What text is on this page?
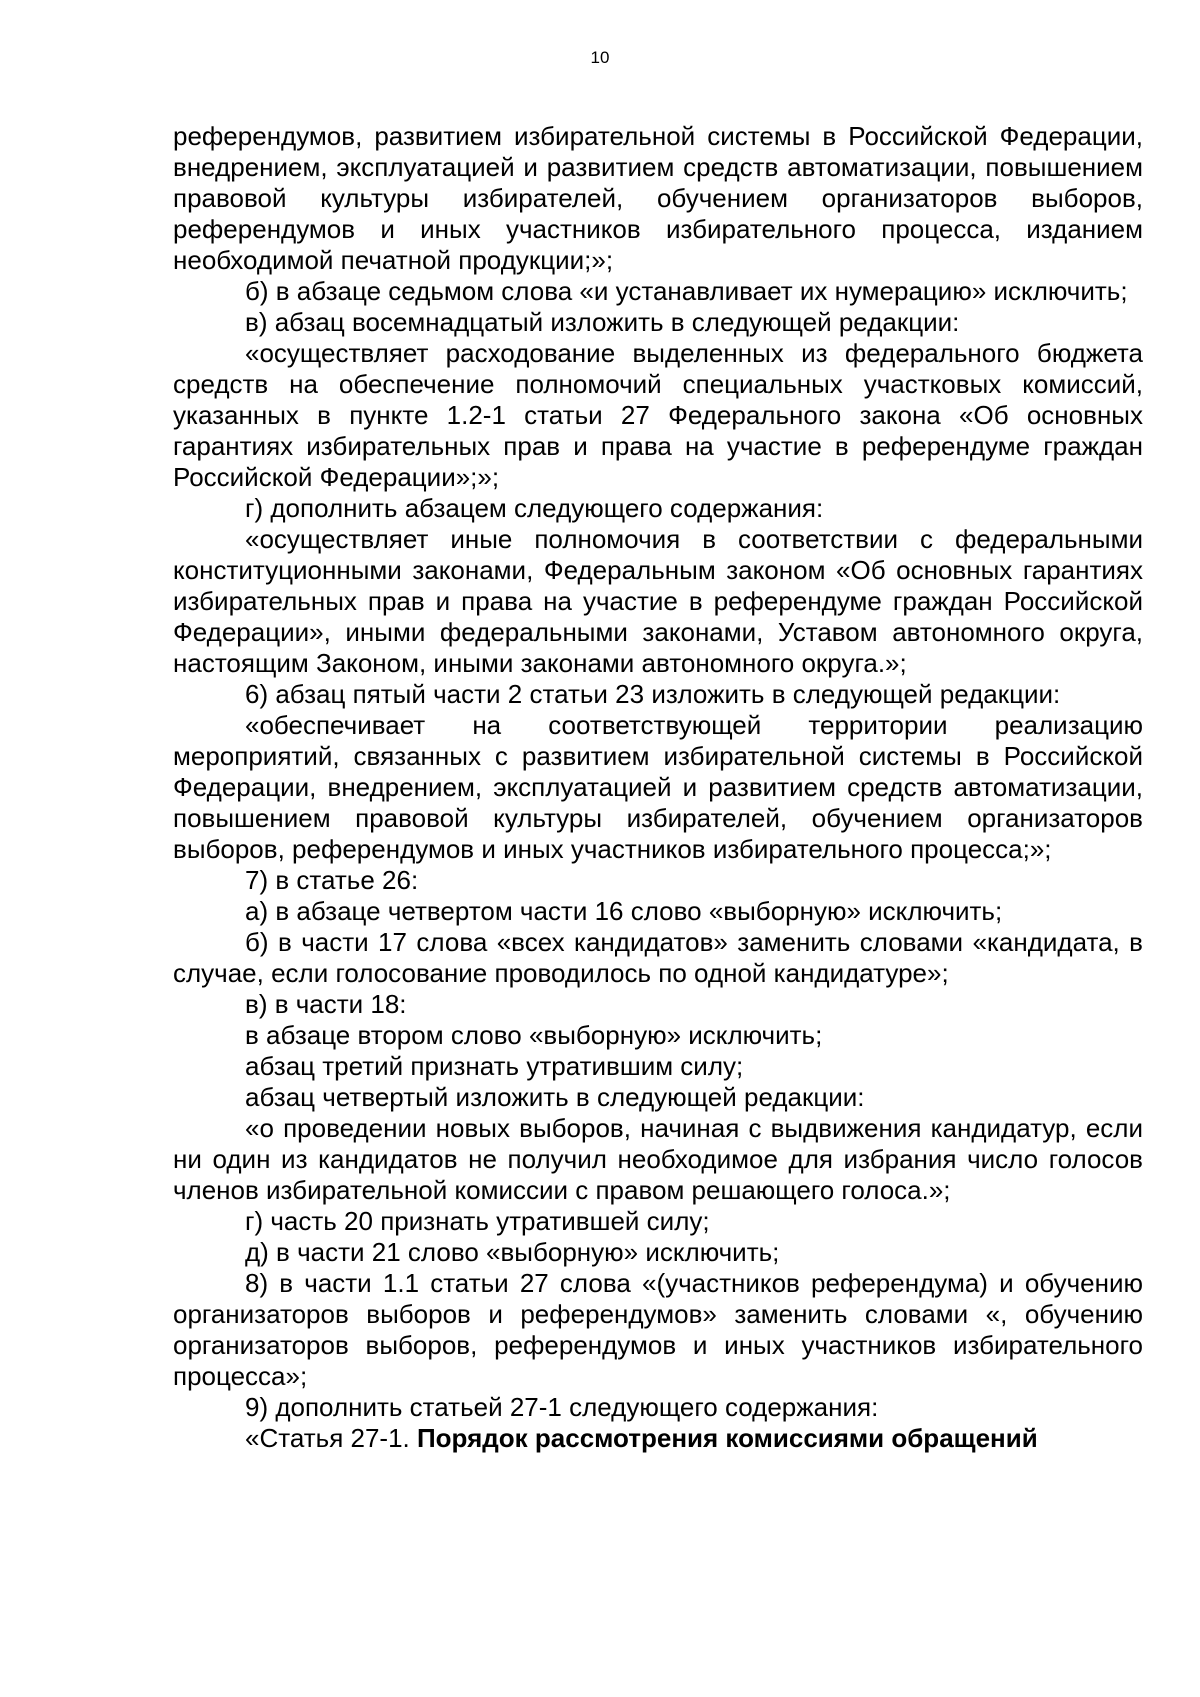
10

референдумов, развитием избирательной системы в Российской Федерации, внедрением, эксплуатацией и развитием средств автоматизации, повышением правовой культуры избирателей, обучением организаторов выборов, референдумов и иных участников избирательного процесса, изданием необходимой печатной продукции;»;

б) в абзаце седьмом слова «и устанавливает их нумерацию» исключить;

в) абзац восемнадцатый изложить в следующей редакции:

«осуществляет расходование выделенных из федерального бюджета средств на обеспечение полномочий специальных участковых комиссий, указанных в пункте 1.2-1 статьи 27 Федерального закона «Об основных гарантиях избирательных прав и права на участие в референдуме граждан Российской Федерации»;»;

г) дополнить абзацем следующего содержания:

«осуществляет иные полномочия в соответствии с федеральными конституционными законами, Федеральным законом «Об основных гарантиях избирательных прав и права на участие в референдуме граждан Российской Федерации», иными федеральными законами, Уставом автономного округа, настоящим Законом, иными законами автономного округа.»;

6) абзац пятый части 2 статьи 23 изложить в следующей редакции:

«обеспечивает на соответствующей территории реализацию мероприятий, связанных с развитием избирательной системы в Российской Федерации, внедрением, эксплуатацией и развитием средств автоматизации, повышением правовой культуры избирателей, обучением организаторов выборов, референдумов и иных участников избирательного процесса;»;

7) в статье 26:

а) в абзаце четвертом части 16 слово «выборную» исключить;

б) в части 17 слова «всех кандидатов» заменить словами «кандидата, в случае, если голосование проводилось по одной кандидатуре»;

в) в части 18:

в абзаце втором слово «выборную» исключить;

абзац третий признать утратившим силу;

абзац четвертый изложить в следующей редакции:

«о проведении новых выборов, начиная с выдвижения кандидатур, если ни один из кандидатов не получил необходимое для избрания число голосов членов избирательной комиссии с правом решающего голоса.»;

г) часть 20 признать утратившей силу;

д) в части 21 слово «выборную» исключить;

8) в части 1.1 статьи 27 слова «(участников референдума) и обучению организаторов выборов и референдумов» заменить словами «, обучению организаторов выборов, референдумов и иных участников избирательного процесса»;

9) дополнить статьей 27-1 следующего содержания:

«Статья 27-1. Порядок рассмотрения комиссиями обращений
